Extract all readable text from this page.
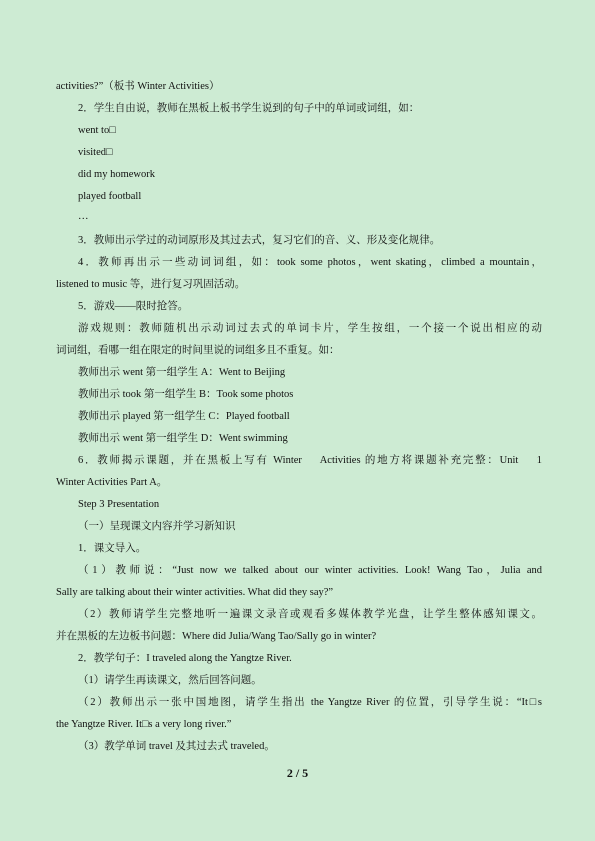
activities?”（板书 Winter Activities）
2．学生自由说，教师在黑板上板书学生说到的句子中的单词或词组，如：
went to□
visited□
did my homework
played football
…
3．教师出示学过的动词原形及其过去式，复习它们的音、义、形及变化规律。
4．教师再出示一些动词词组，如：took some photos，went skating，climbed a mountain，
listened to music 等，进行复习巩固活动。
5．游戏——限时抢答。
游戏规则：教师随机出示动词过去式的单词卡片，学生按组，一个接一个说出相应的动
词词组，看哪一组在限定的时间里说的词组多且不重复。如：
教师出示 went 第一组学生 A：Went to Beijing
教师出示 took 第一组学生 B：Took some photos
教师出示 played 第一组学生 C：Played football
教师出示 went 第一组学生 D：Went swimming
6．教师揭示课题，并在黑板上写有 Winter　 Activities 的地方将课题补充完整：Unit　 1
Winter Activities Part A。
Step 3 Presentation
（一）呈现课文内容并学习新知识
1．课文导入。
（1）教师说：“Just now we talked about our winter activities. Look! Wang Tao，Julia and
Sally are talking about their winter activities. What did they say?”
（2）教师请学生完整地听一遍课文录音或观看多媒体教学光盘，让学生整体感知课文。
并在黑板的左边板书问题：Where did Julia/Wang Tao/Sally go in winter?
2．教学句子：I traveled along the Yangtze River.
（1）请学生再读课文，然后回答问题。
（2）教师出示一张中国地图，请学生指出 the Yangtze River 的位置，引导学生说：“It□s
the Yangtze River. It□s a very long river.”
（3）教学单词 travel 及其过去式 traveled。
2 / 5
